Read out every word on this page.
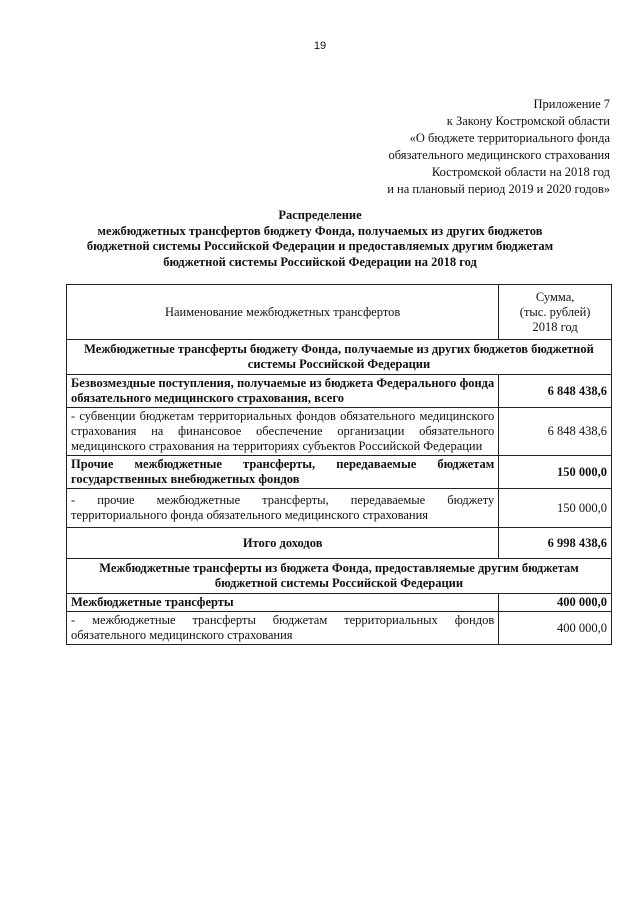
19
Приложение 7
к Закону Костромской области
«О бюджете территориального фонда
обязательного медицинского страхования
Костромской области на 2018 год
и на плановый период 2019 и 2020 годов»
Распределение
межбюджетных трансфертов бюджету Фонда, получаемых из других бюджетов
бюджетной системы Российской Федерации и предоставляемых другим бюджетам
бюджетной системы Российской Федерации на 2018 год
Наименование межбюджетных трансфертов	Сумма,
(тыс. рублей)
2018 год

Межбюджетные трансферты бюджету Фонда, получаемые из других бюджетов бюджетной системы Российской Федерации	
Безвозмездные поступления, получаемые из бюджета Федерального фонда обязательного медицинского страхования, всего	6 848 438,6
- субвенции бюджетам территориальных фондов обязательного медицинского страхования на финансовое обеспечение организации обязательного медицинского страхования на территориях субъектов Российской Федерации	6 848 438,6
Прочие межбюджетные трансферты, передаваемые бюджетам государственных внебюджетных фондов	150 000,0
- прочие межбюджетные трансферты, передаваемые бюджету территориального фонда обязательного медицинского страхования	150 000,0
Итого доходов	6 998 438,6
Межбюджетные трансферты из бюджета Фонда, предоставляемые другим бюджетам бюджетной системы Российской Федерации	
Межбюджетные трансферты	400 000,0
- межбюджетные трансферты бюджетам территориальных фондов обязательного медицинского страхования	400 000,0
